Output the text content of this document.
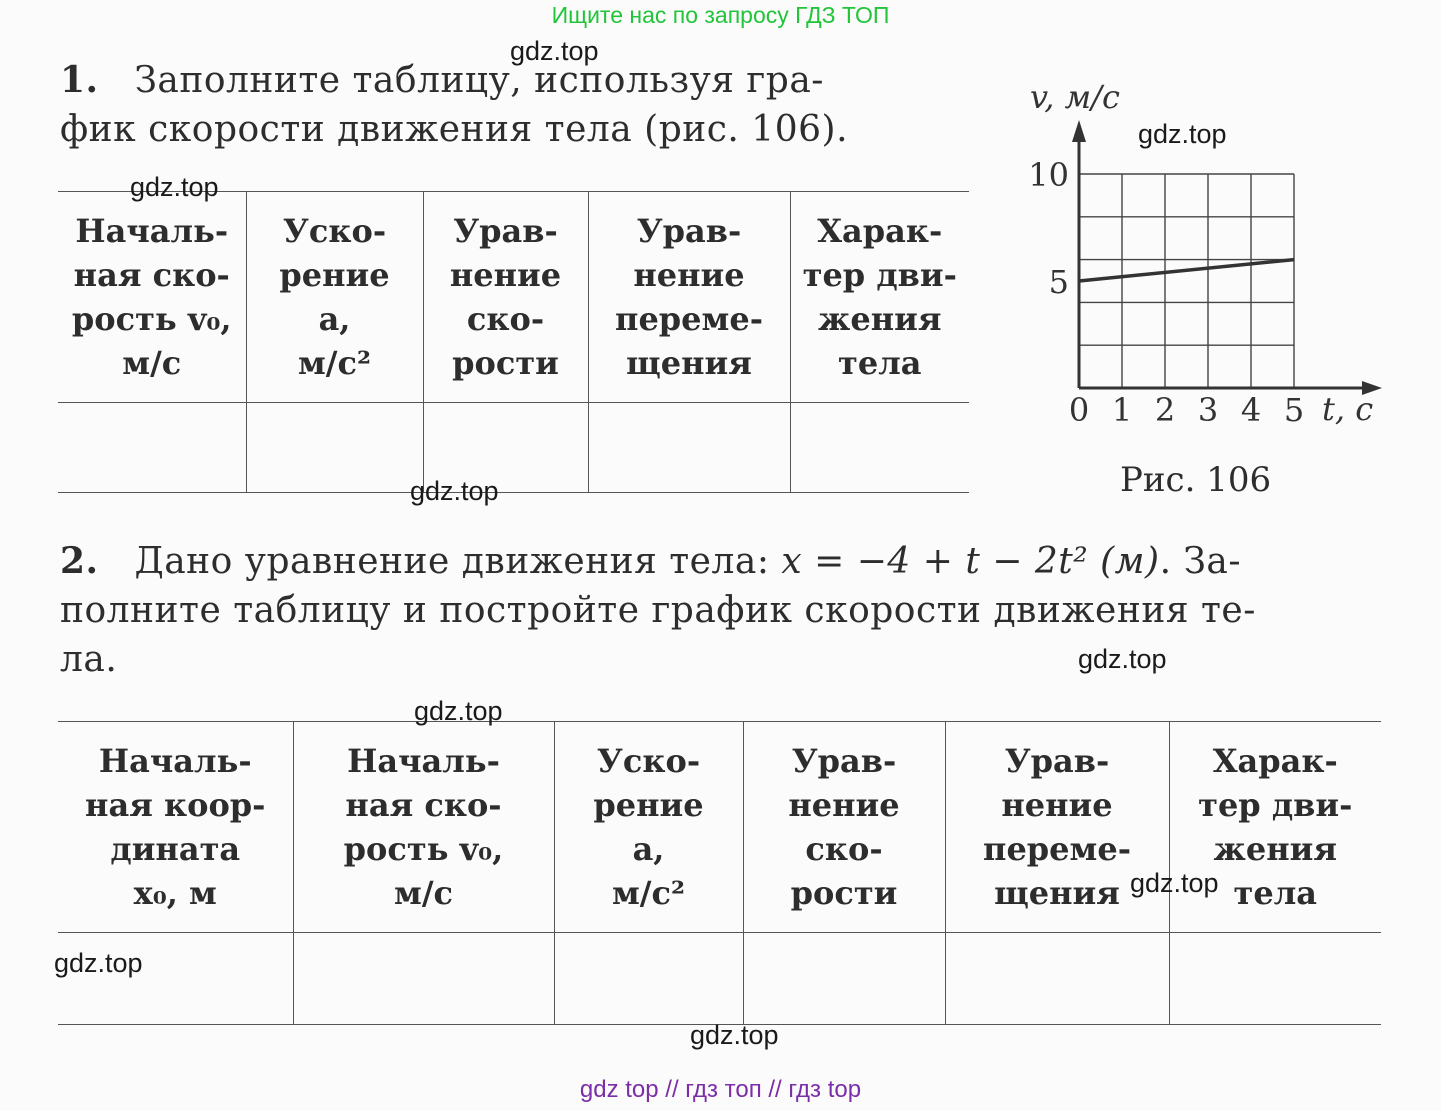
Ищите нас по запросу ГДЗ ТОП
1. Заполните таблицу, используя гра-
фик скорости движения тела (рис. 106).
Началь-
ная ско-
рость v₀,
м/с	Уско-
рение
a,
м/с²	Урав-
нение
ско-
рости	Урав-
нение
переме-
щения	Харак-
тер дви-
жения
тела

0 1 2 3 4 5
5
10
v, м/с
t, с
Рис. 106
2. Дано уравнение движения тела: x = −4 + t − 2t² (м). За-
полните таблицу и постройте график скорости движения те-
ла.
Началь-
ная коор-
дината
x₀, м	Началь-
ная ско-
рость v₀,
м/с	Уско-
рение
a,
м/с²	Урав-
нение
ско-
рости	Урав-
нение
переме-
щения	Харак-
тер дви-
жения
тела

gdz.top
gdz.top
gdz.top
gdz.top
gdz.top
gdz.top
gdz.top
gdz.top
gdz.top
gdz top // гдз топ // гдз top
